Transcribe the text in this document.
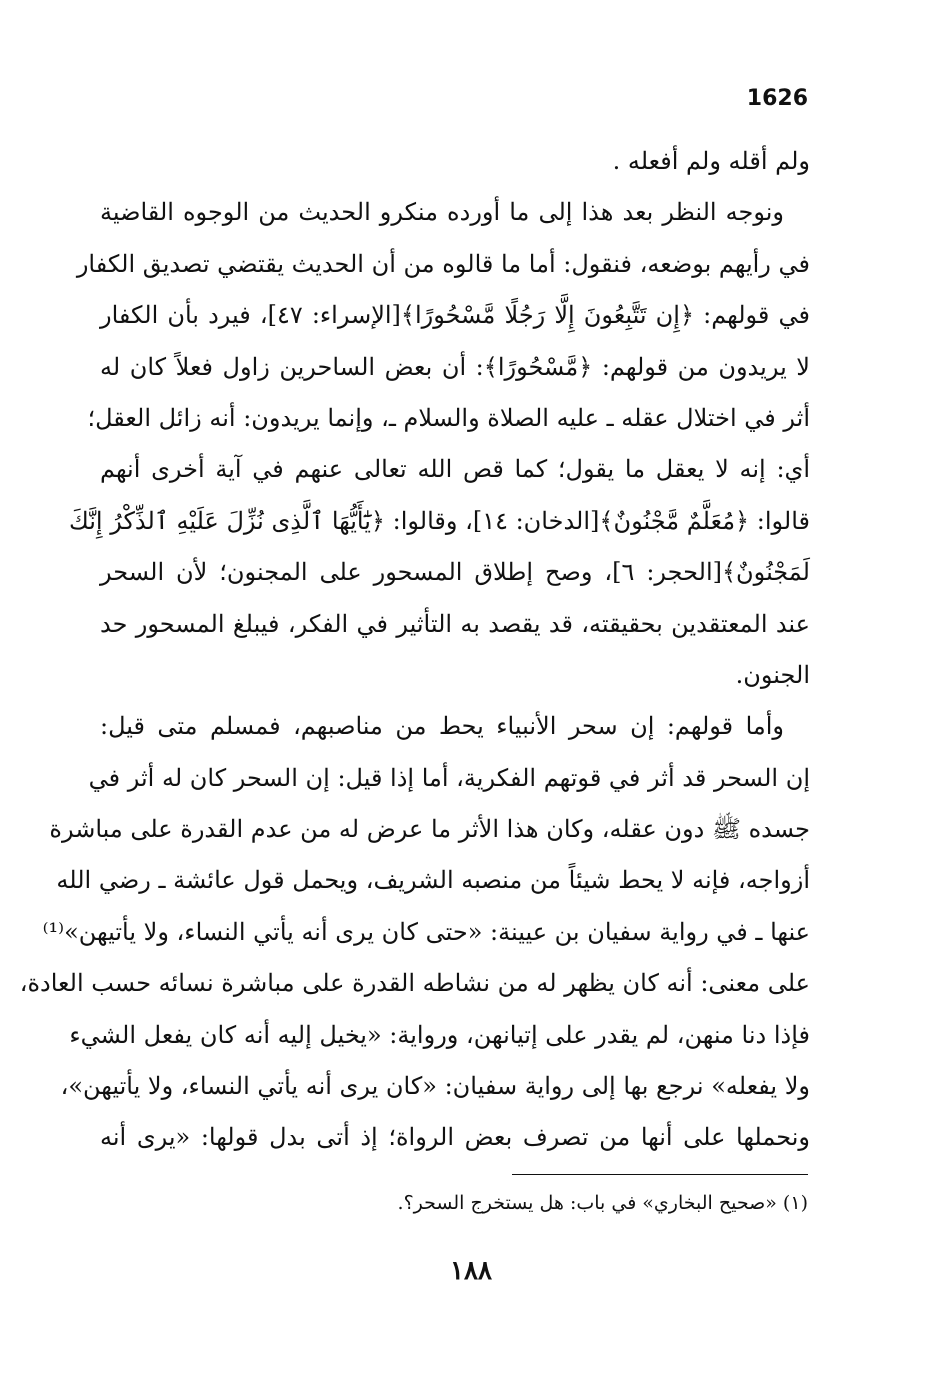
1626
ولم أقله ولم أفعله .
ونوجه النظر بعد هذا إلى ما أورده منكرو الحديث من الوجوه القاضية
في رأيهم بوضعه، فنقول: أما ما قالوه من أن الحديث يقتضي تصديق الكفار
في قولهم: ﴿إِن تَتَّبِعُونَ إِلَّا رَجُلًا مَّسْحُورًا﴾[الإسراء: ٤٧]، فيرد بأن الكفار
لا يريدون من قولهم: ﴿مَّسْحُورًا﴾: أن بعض الساحرين زاول فعلاً كان له
أثر في اختلال عقله ـ عليه الصلاة والسلام ـ، وإنما يريدون: أنه زائل العقل؛
أي: إنه لا يعقل ما يقول؛ كما قص الله تعالى عنهم في آية أخرى أنهم
قالوا: ﴿مُعَلَّمٌ مَّجْنُونٌ﴾[الدخان: ١٤]، وقالوا: ﴿يَٰٓأَيُّهَا ٱلَّذِى نُزِّلَ عَلَيْهِ ٱلذِّكْرُ إِنَّكَ
لَمَجْنُونٌ﴾[الحجر: ٦]، وصح إطلاق المسحور على المجنون؛ لأن السحر
عند المعتقدين بحقيقته، قد يقصد به التأثير في الفكر، فيبلغ المسحور حد
الجنون.
وأما قولهم: إن سحر الأنبياء يحط من مناصبهم، فمسلم متى قيل:
إن السحر قد أثر في قوتهم الفكرية، أما إذا قيل: إن السحر كان له أثر في
جسده ﷺ دون عقله، وكان هذا الأثر ما عرض له من عدم القدرة على مباشرة
أزواجه، فإنه لا يحط شيئاً من منصبه الشريف، ويحمل قول عائشة ـ رضي الله
عنها ـ في رواية سفيان بن عيينة: «حتى كان يرى أنه يأتي النساء، ولا يأتيهن»⁽¹⁾
على معنى: أنه كان يظهر له من نشاطه القدرة على مباشرة نسائه حسب العادة،
فإذا دنا منهن، لم يقدر على إتيانهن، ورواية: «يخيل إليه أنه كان يفعل الشيء
ولا يفعله» نرجع بها إلى رواية سفيان: «كان يرى أنه يأتي النساء، ولا يأتيهن»،
ونحملها على أنها من تصرف بعض الرواة؛ إذ أتى بدل قولها: «يرى أنه
(١) «صحيح البخاري» في باب: هل يستخرج السحر؟.
١٨٨
